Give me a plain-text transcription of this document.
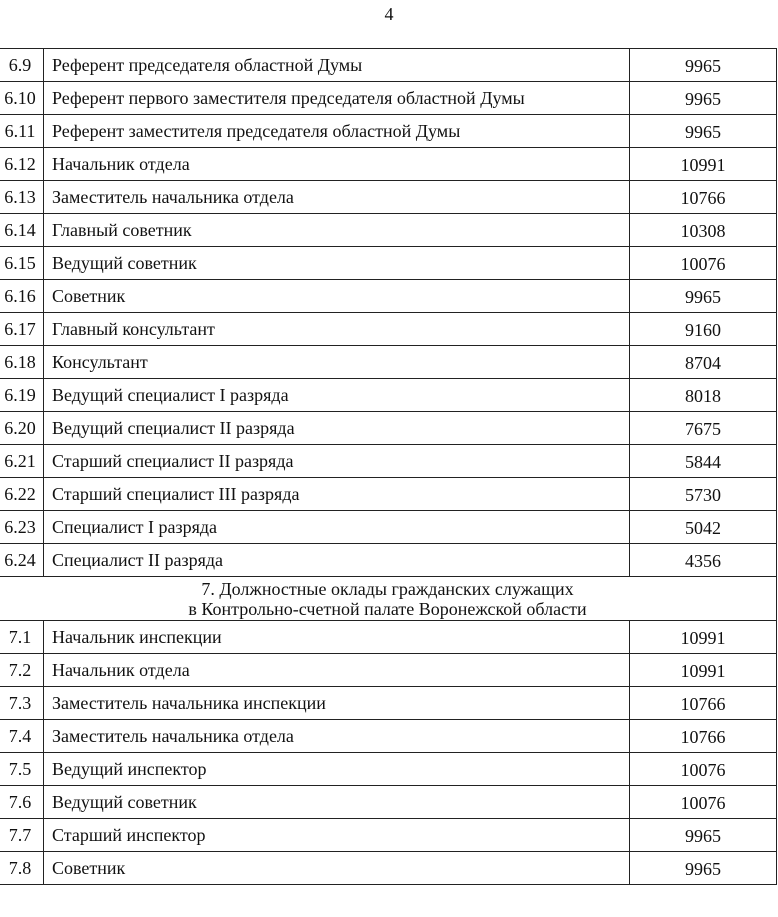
4
6.9	Референт председателя областной Думы	9965
6.10	Референт первого заместителя председателя областной Думы	9965
6.11	Референт заместителя председателя областной Думы	9965
6.12	Начальник отдела	10991
6.13	Заместитель начальника отдела	10766
6.14	Главный советник	10308
6.15	Ведущий советник	10076
6.16	Советник	9965
6.17	Главный консультант	9160
6.18	Консультант	8704
6.19	Ведущий специалист I разряда	8018
6.20	Ведущий специалист II разряда	7675
6.21	Старший специалист II разряда	5844
6.22	Старший специалист III разряда	5730
6.23	Специалист I разряда	5042
6.24	Специалист II разряда	4356

7. Должностные оклады гражданских служащих
в Контрольно-счетной палате Воронежской области		

7.1	Начальник инспекции	10991
7.2	Начальник отдела	10991
7.3	Заместитель начальника инспекции	10766
7.4	Заместитель начальника отдела	10766
7.5	Ведущий инспектор	10076
7.6	Ведущий советник	10076
7.7	Старший инспектор	9965
7.8	Советник	9965
